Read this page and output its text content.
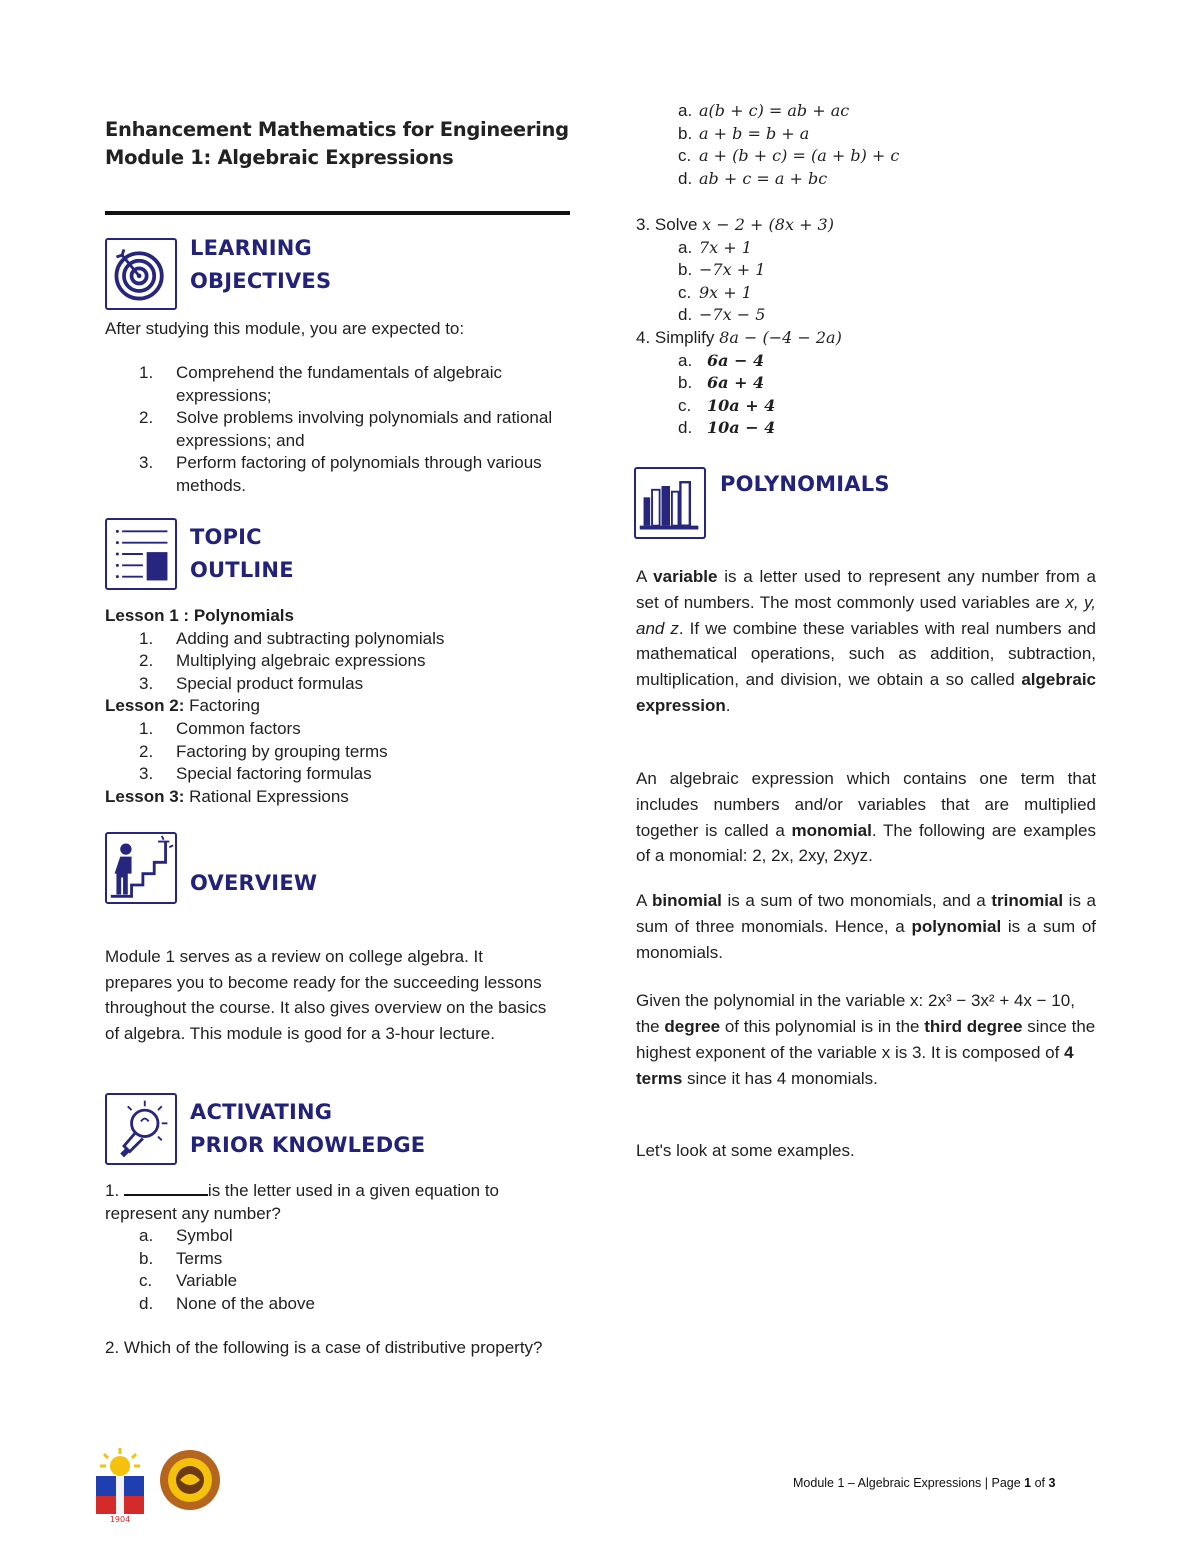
Enhancement Mathematics for Engineering
Module 1: Algebraic Expressions
LEARNING
OBJECTIVES
After studying this module, you are expected to:
1. Comprehend the fundamentals of algebraic expressions;
2. Solve problems involving polynomials and rational expressions; and
3. Perform factoring of polynomials through various methods.
TOPIC
OUTLINE
Lesson 1 : Polynomials
1. Adding and subtracting polynomials
2. Multiplying algebraic expressions
3. Special product formulas
Lesson 2: Factoring
1. Common factors
2. Factoring by grouping terms
3. Special factoring formulas
Lesson 3: Rational Expressions
OVERVIEW
Module 1 serves as a review on college algebra. It prepares you to become ready for the succeeding lessons throughout the course. It also gives overview on the basics of algebra. This module is good for a 3-hour lecture.
ACTIVATING
PRIOR KNOWLEDGE
1.	is the letter used in a given equation to represent any number?
a. Symbol
b. Terms
c. Variable
d. None of the above
2. Which of the following is a case of distributive property?
a. a(b + c) = ab + ac
b. a + b = b + a
c. a + (b + c) = (a + b) + c
d. ab + c = a + bc
3. Solve x − 2 + (8x + 3)
a. 7x + 1
b. −7x + 1
c. 9x + 1
d. −7x − 5
4. Simplify 8a − (−4 − 2a)
a. 6a − 4
b. 6a + 4
c. 10a + 4
d. 10a − 4
POLYNOMIALS
A variable is a letter used to represent any number from a set of numbers. The most commonly used variables are x, y, and z. If we combine these variables with real numbers and mathematical operations, such as addition, subtraction, multiplication, and division, we obtain a so called algebraic expression.
An algebraic expression which contains one term that includes numbers and/or variables that are multiplied together is called a monomial. The following are examples of a monomial: 2, 2x, 2xy, 2xyz.
A binomial is a sum of two monomials, and a trinomial is a sum of three monomials. Hence, a polynomial is a sum of monomials.
Given the polynomial in the variable x: 2x³ − 3x² + 4x − 10, the degree of this polynomial is in the third degree since the highest exponent of the variable x is 3. It is composed of 4 terms since it has 4 monomials.
Let's look at some examples.
1904
Module 1 – Algebraic Expressions | Page 1 of 3
